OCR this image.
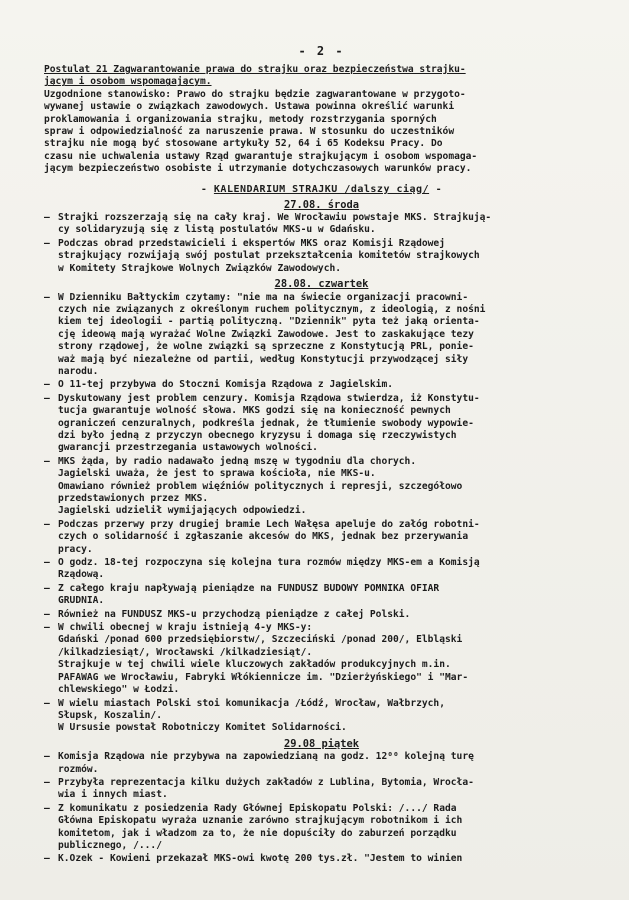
- 2 -

Postulat 21 Zagwarantowanie prawa do strajku oraz bezpieczeństwa strajku-

jącym i osobom wspomagającym.

Uzgodnione stanowisko: Prawo do strajku będzie zagwarantowane w przygoto-

wywanej ustawie o związkach zawodowych. Ustawa powinna określić warunki

proklamowania i organizowania strajku, metody rozstrzygania sporných

spraw i odpowiedzialność za naruszenie prawa. W stosunku do uczestników

strajku nie mogą być stosowane artykuły 52, 64 i 65 Kodeksu Pracy. Do

czasu nie uchwalenia ustawy Rząd gwarantuje strajkującym i osobom wspomaga-

jącym bezpieczeństwo osobiste i utrzymanie dotychczasowych warunków pracy.

- KALENDARIUM STRAJKU /dalszy ciąg/ -
27.08. środa
– Strajki rozszerzają się na cały kraj. We Wrocławiu powstaje MKS. Strajkują-
cy solidaryzują się z listą postulatów MKS-u w Gdańsku.
– Podczas obrad przedstawicieli i ekspertów MKS oraz Komisji Rządowej
strajkujący rozwijają swój postulat przekształcenia komitetów strajkowych
w Komitety Strajkowe Wolnych Związków Zawodowych.
28.08. czwartek
– W Dzienniku Bałtyckim czytamy: "nie ma na świecie organizacji pracowni-
czych nie związanych z określonym ruchem politycznym, z ideologią, z nośni
kiem tej ideologii - partią polityczną. "Dziennik" pyta też jaką orienta-
cję ideową mają wyrażać Wolne Związki Zawodowe. Jest to zaskakujące tezy
strony rządowej, że wolne związki są sprzeczne z Konstytucją PRL, ponie-
waż mają być niezależne od partii, według Konstytucji przywodzącej siły
narodu.
– O 11-tej przybywa do Stoczni Komisja Rządowa z Jagielskim.
– Dyskutowany jest problem cenzury. Komisja Rządowa stwierdza, iż Konstytu-
tucja gwarantuje wolność słowa. MKS godzi się na konieczność pewnych
ograniczeń cenzuralnych, podkreśla jednak, że tłumienie swobody wypowie-
dzi było jedną z przyczyn obecnego kryzysu i domaga się rzeczywistych
gwarancji przestrzegania ustawowych wolności.
– MKS żąda, by radio nadawało jedną mszę w tygodniu dla chorych.
Jagielski uważa, że jest to sprawa kościoła, nie MKS-u.
Omawiano również problem więźniów politycznych i represji, szczegółowo
przedstawionych przez MKS.
Jagielski udzielił wymijających odpowiedzi.
– Podczas przerwy przy drugiej bramie Lech Wałęsa apeluje do załóg robotni-
czych o solidarność i zgłaszanie akcesów do MKS, jednak bez przerywania
pracy.
– O godz. 18-tej rozpoczyna się kolejna tura rozmów między MKS-em a Komisją
Rządową.
– Z całego kraju napływają pieniądze na FUNDUSZ BUDOWY POMNIKA OFIAR
GRUDNIA.
– Również na FUNDUSZ MKS-u przychodzą pieniądze z całej Polski.
– W chwili obecnej w kraju istnieją 4-y MKS-y:
Gdański /ponad 600 przedsiębiorstw/, Szczeciński /ponad 200/, Elbląski
/kilkadziesiąt/, Wrocławski /kilkadziesiąt/.
Strajkuje w tej chwili wiele kluczowych zakładów produkcyjnych m.in.
PAFAWAG we Wrocławiu, Fabryki Włókiennicze im. "Dzierżyńskiego" i "Mar-
chlewskiego" w Łodzi.
– W wielu miastach Polski stoi komunikacja /Łódź, Wrocław, Wałbrzych,
Słupsk, Koszalin/.
W Ursusie powstał Robotniczy Komitet Solidarności.
29.08 piątek
– Komisja Rządowa nie przybywa na zapowiedzianą na godz. 12⁰⁰ kolejną turę
rozmów.
– Przybyła reprezentacja kilku dużych zakładów z Lublina, Bytomia, Wrocła-
wia i innych miast.
– Z komunikatu z posiedzenia Rady Głównej Episkopatu Polski: /.../ Rada
Główna Episkopatu wyraża uznanie zarówno strajkującym robotnikom i ich
komitetom, jak i władzom za to, że nie dopuściły do zaburzeń porządku
publicznego, /.../
– K.Ozek - Kowieni przekazał MKS-owi kwotę 200 tys.zł. "Jestem to winien
